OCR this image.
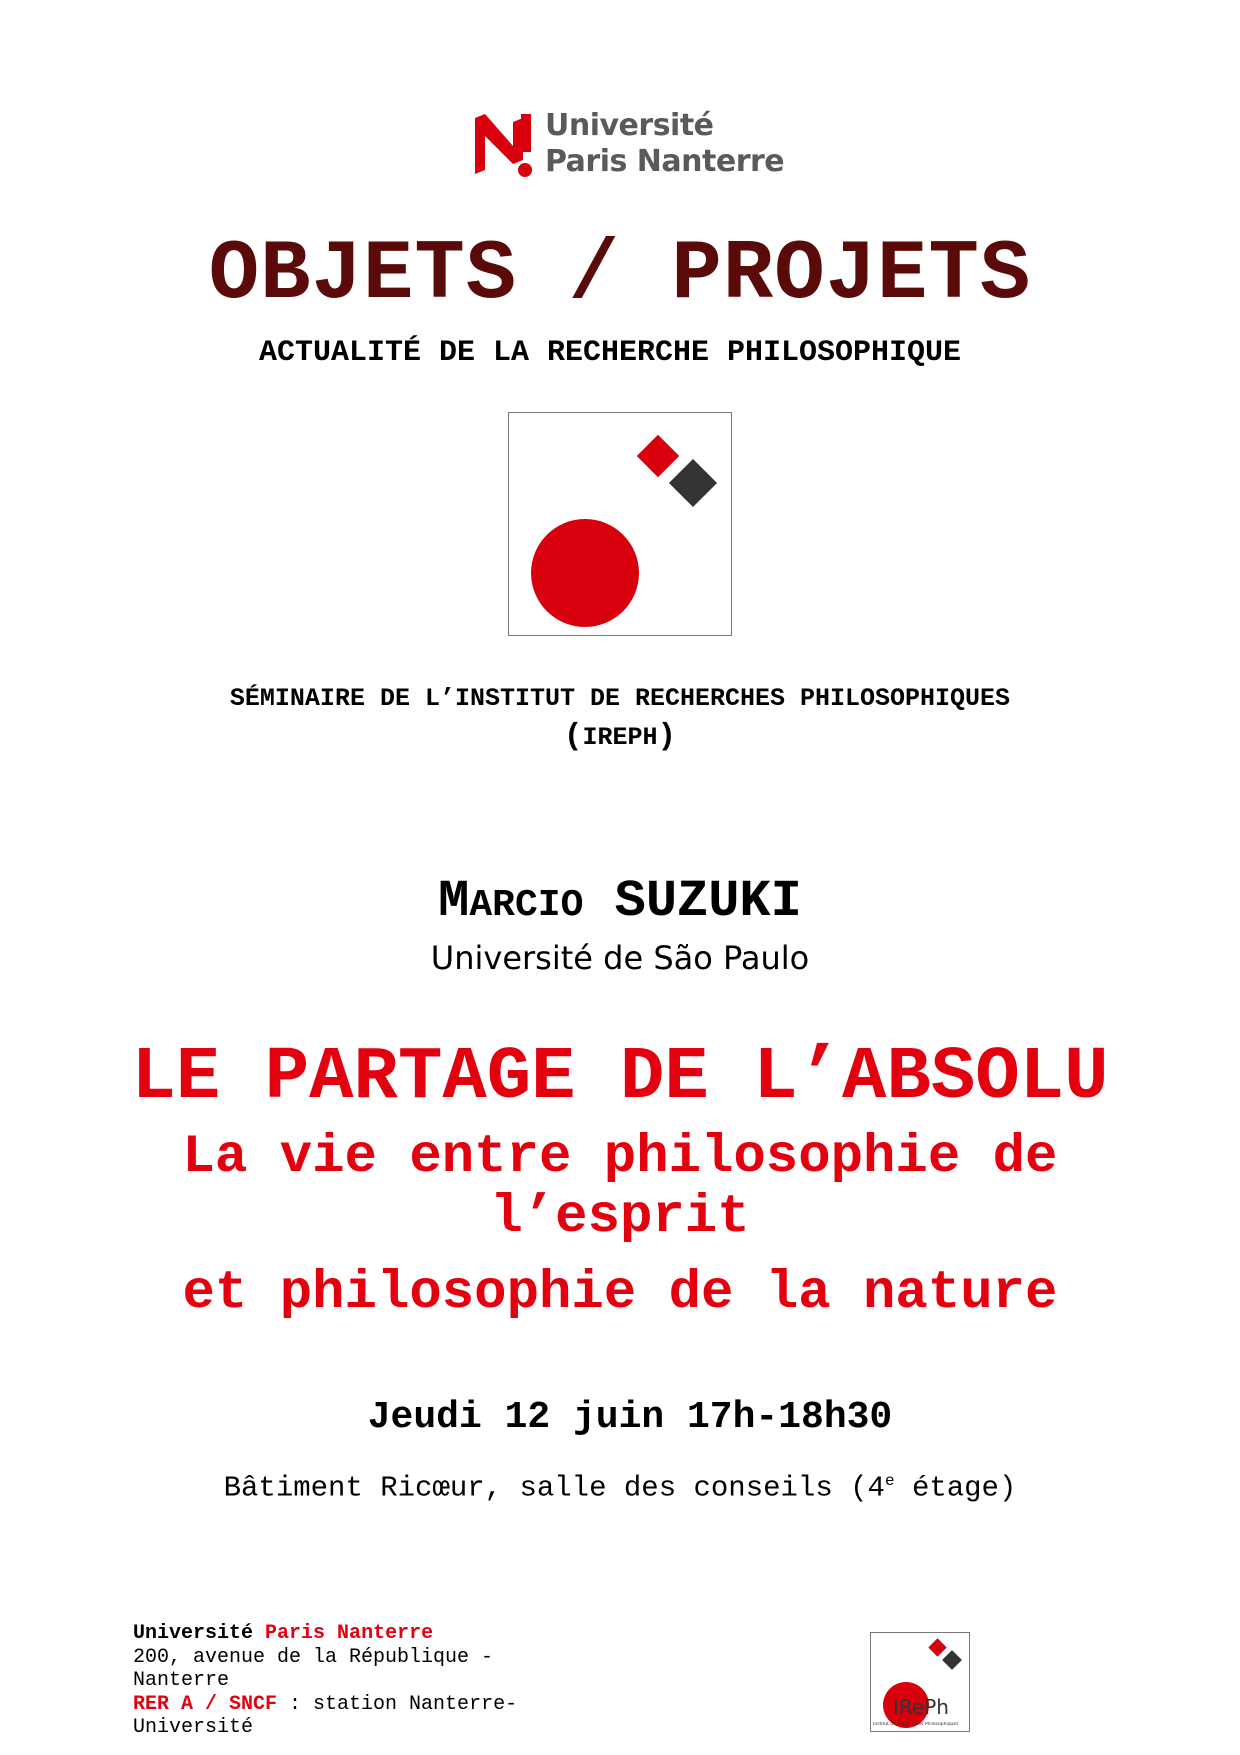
Université
Paris Nanterre
OBJETS / PROJETS
ACTUALITÉ DE LA RECHERCHE PHILOSOPHIQUE
SÉMINAIRE DE L’INSTITUT DE RECHERCHES PHILOSOPHIQUES
(IREPH)
MARCIO SUZUKI
Université de São Paulo
LE PARTAGE DE L’ABSOLU
La vie entre philosophie de l’esprit
et philosophie de la nature
Jeudi 12 juin 17h-18h30
Bâtiment Ricœur, salle des conseils (4e étage)
Université Paris Nanterre
200, avenue de la République - Nanterre
RER A / SNCF : station Nanterre-Université
IRePh
Institut de Recherches Philosophiques
